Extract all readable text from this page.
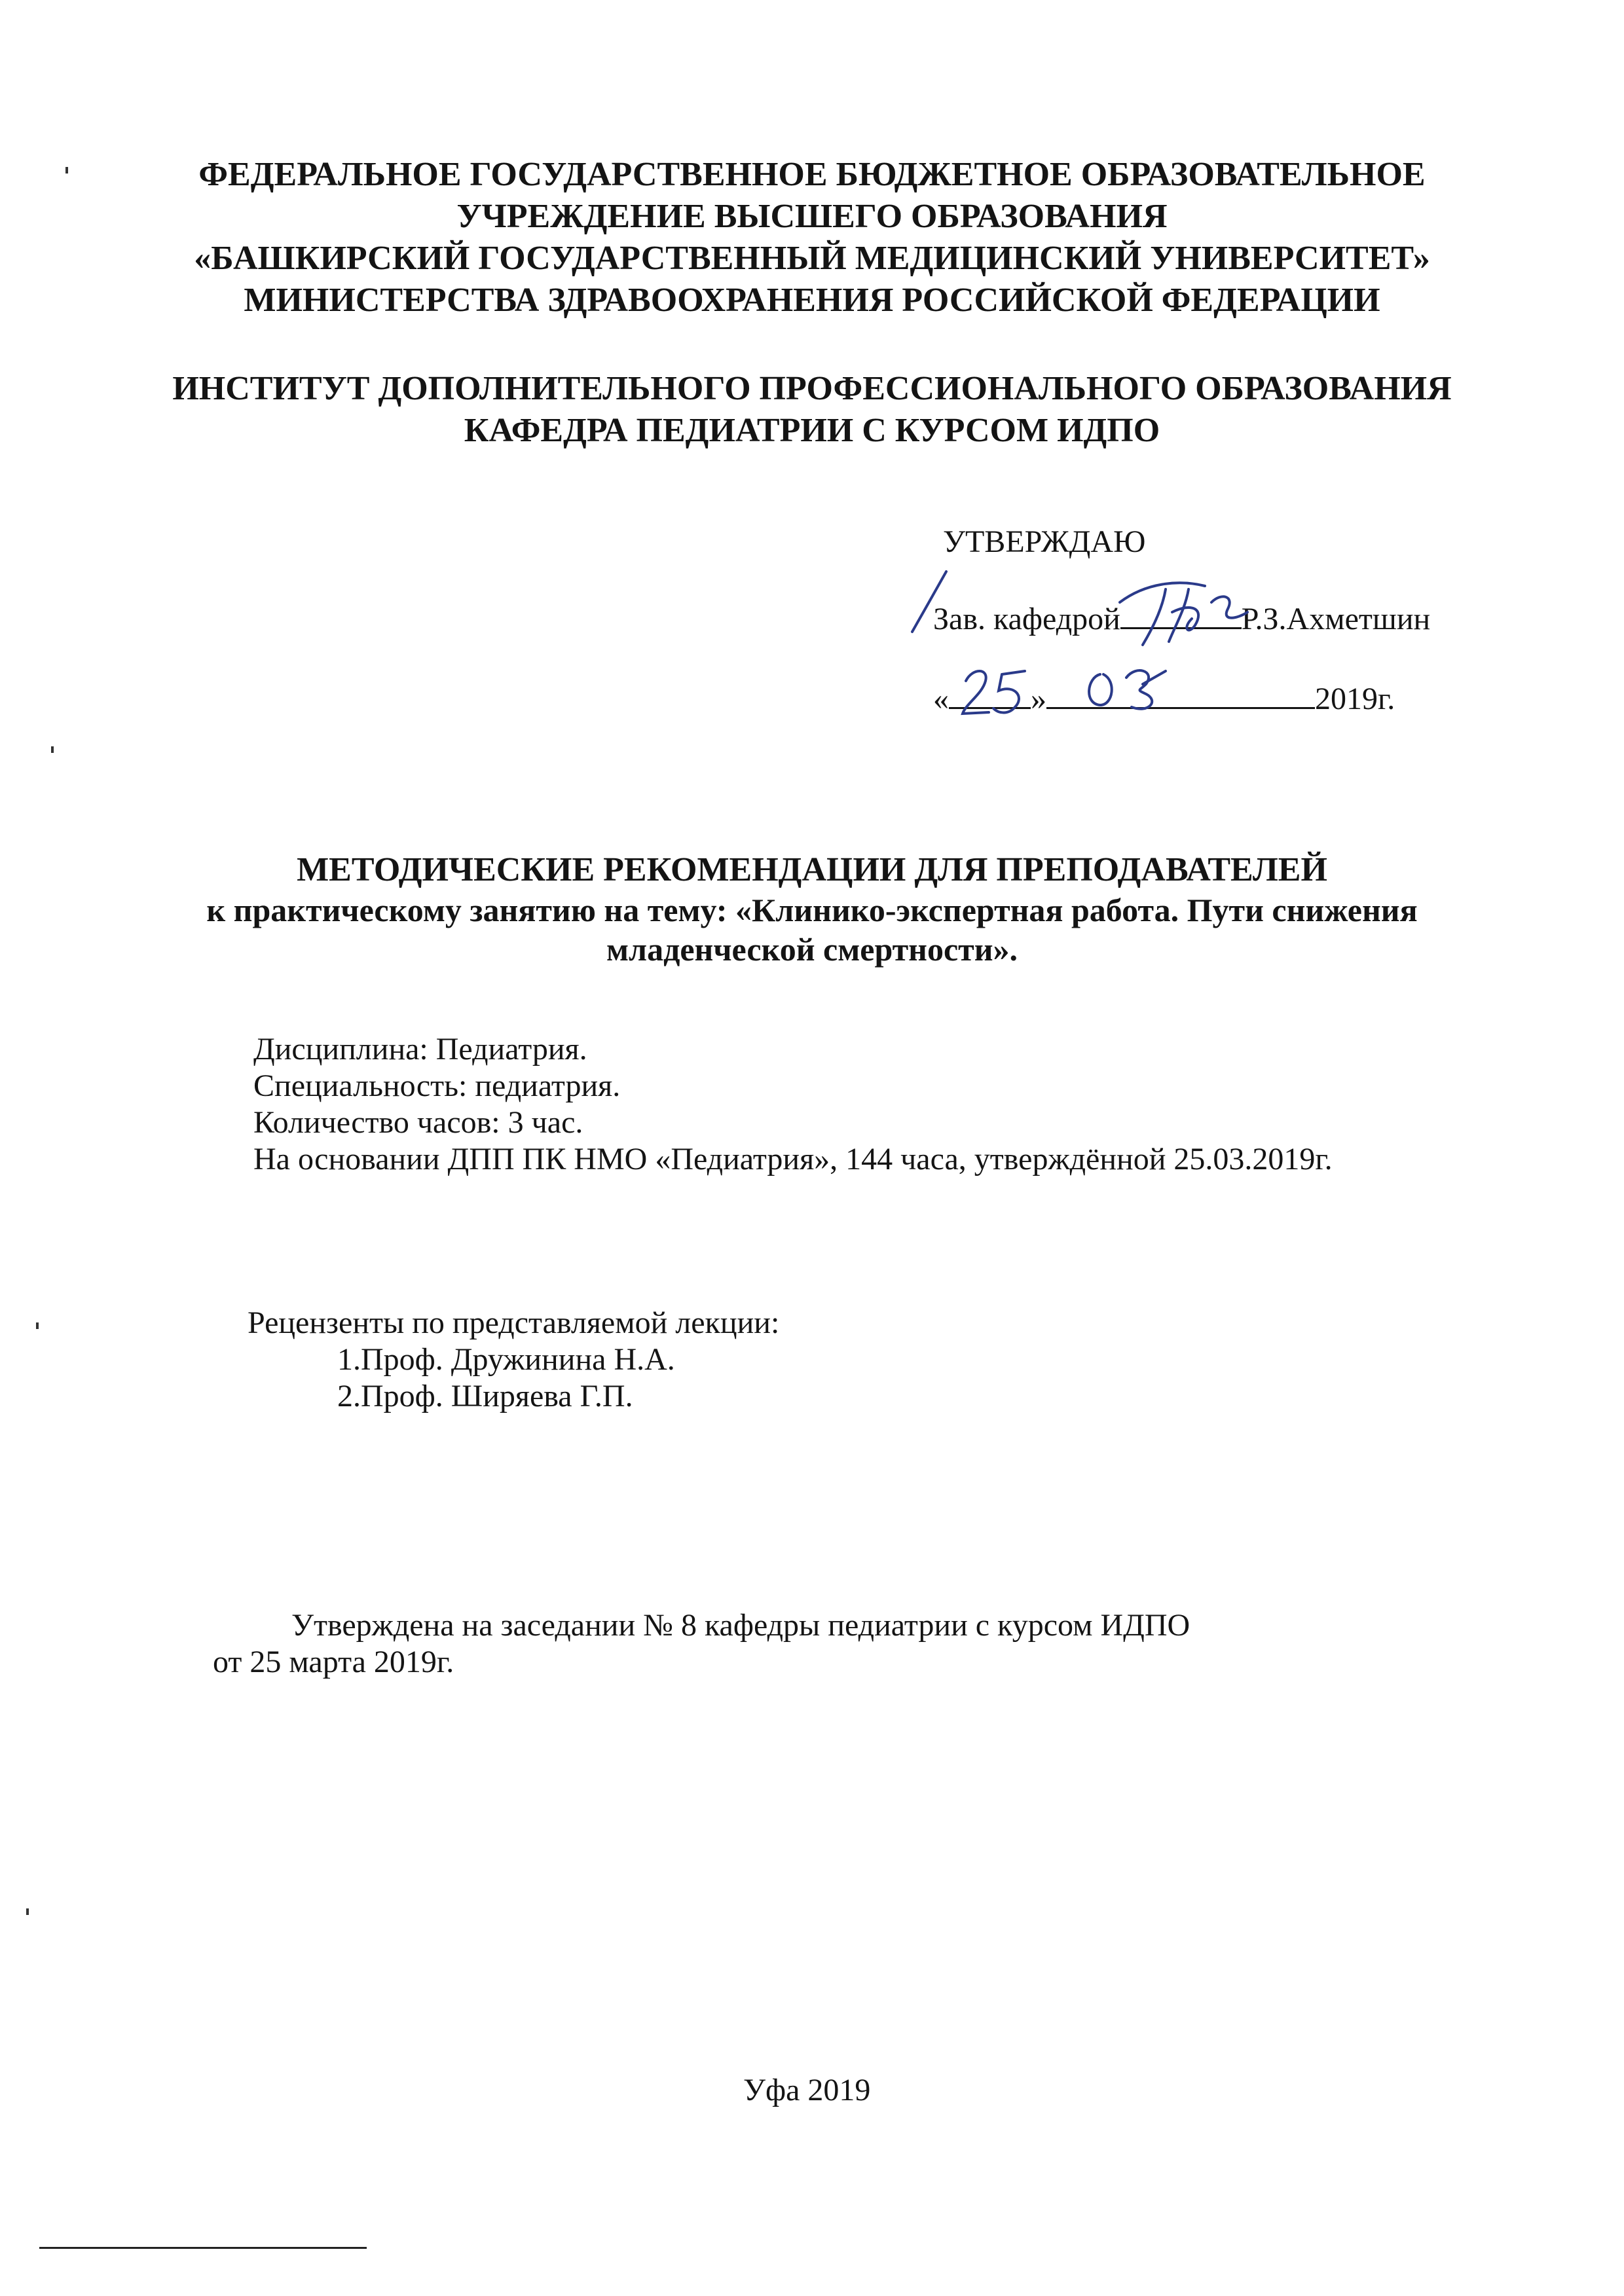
ФЕДЕРАЛЬНОЕ ГОСУДАРСТВЕННОЕ БЮДЖЕТНОЕ ОБРАЗОВАТЕЛЬНОЕ
УЧРЕЖДЕНИЕ ВЫСШЕГО ОБРАЗОВАНИЯ
«БАШКИРСКИЙ ГОСУДАРСТВЕННЫЙ МЕДИЦИНСКИЙ УНИВЕРСИТЕТ»
МИНИСТЕРСТВА ЗДРАВООХРАНЕНИЯ РОССИЙСКОЙ ФЕДЕРАЦИИ
ИНСТИТУТ ДОПОЛНИТЕЛЬНОГО ПРОФЕССИОНАЛЬНОГО ОБРАЗОВАНИЯ
КАФЕДРА ПЕДИАТРИИ С КУРСОМ ИДПО
УТВЕРЖДАЮ
Зав. кафедрой	Р.З.Ахметшин
«	»	2019г.
МЕТОДИЧЕСКИЕ РЕКОМЕНДАЦИИ ДЛЯ ПРЕПОДАВАТЕЛЕЙ
к практическому занятию на тему: «Клинико-экспертная работа. Пути снижения
младенческой смертности».
Дисциплина: Педиатрия.
Специальность: педиатрия.
Количество часов: 3 час.
На основании ДПП ПК НМО «Педиатрия», 144 часа, утверждённой 25.03.2019г.
Рецензенты по представляемой лекции:
1.Проф. Дружинина Н.А.
2.Проф. Ширяева Г.П.
Утверждена на заседании № 8 кафедры педиатрии с курсом ИДПО
от 25 марта 2019г.
Уфа 2019
